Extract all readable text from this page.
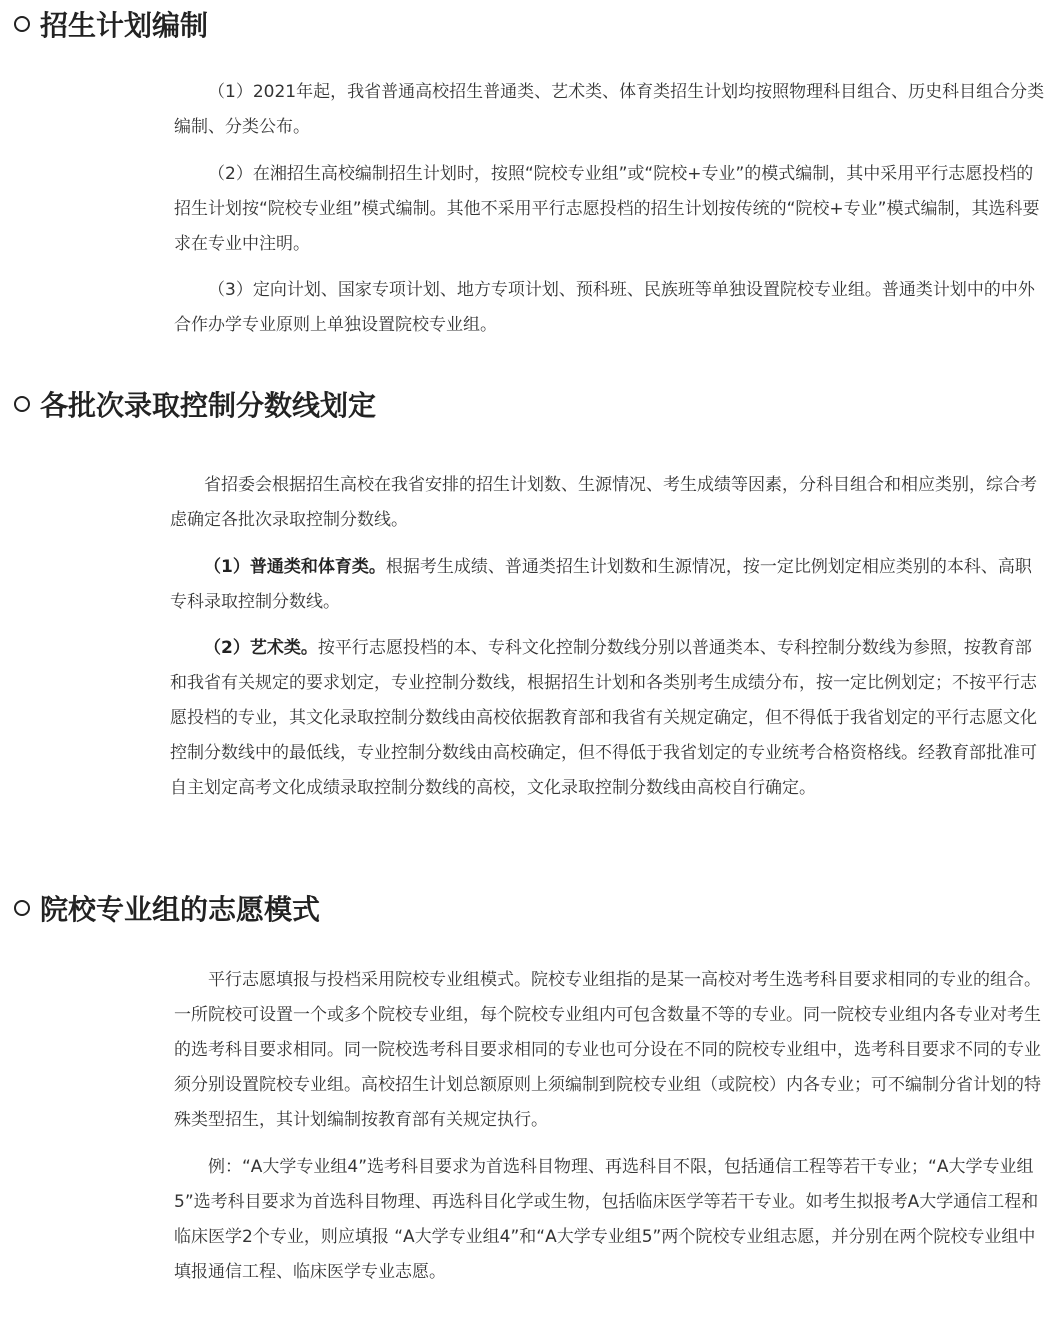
招生计划编制

（1）2021年起，我省普通高校招生普通类、艺术类、体育类招生计划均按照物理科目组合、历史科目组合分类编制、分类公布。

（2）在湘招生高校编制招生计划时，按照“院校专业组”或“院校+专业”的模式编制，其中采用平行志愿投档的招生计划按“院校专业组”模式编制。其他不采用平行志愿投档的招生计划按传统的“院校+专业”模式编制，其选科要求在专业中注明。

（3）定向计划、国家专项计划、地方专项计划、预科班、民族班等单独设置院校专业组。普通类计划中的中外合作办学专业原则上单独设置院校专业组。

各批次录取控制分数线划定

省招委会根据招生高校在我省安排的招生计划数、生源情况、考生成绩等因素，分科目组合和相应类别，综合考虑确定各批次录取控制分数线。

（1）普通类和体育类。根据考生成绩、普通类招生计划数和生源情况，按一定比例划定相应类别的本科、高职专科录取控制分数线。

（2）艺术类。按平行志愿投档的本、专科文化控制分数线分别以普通类本、专科控制分数线为参照，按教育部和我省有关规定的要求划定，专业控制分数线，根据招生计划和各类别考生成绩分布，按一定比例划定；不按平行志愿投档的专业，其文化录取控制分数线由高校依据教育部和我省有关规定确定，但不得低于我省划定的平行志愿文化控制分数线中的最低线，专业控制分数线由高校确定，但不得低于我省划定的专业统考合格资格线。经教育部批准可自主划定高考文化成绩录取控制分数线的高校，文化录取控制分数线由高校自行确定。

院校专业组的志愿模式

平行志愿填报与投档采用院校专业组模式。院校专业组指的是某一高校对考生选考科目要求相同的专业的组合。一所院校可设置一个或多个院校专业组，每个院校专业组内可包含数量不等的专业。同一院校专业组内各专业对考生的选考科目要求相同。同一院校选考科目要求相同的专业也可分设在不同的院校专业组中，选考科目要求不同的专业须分别设置院校专业组。高校招生计划总额原则上须编制到院校专业组（或院校）内各专业；可不编制分省计划的特殊类型招生，其计划编制按教育部有关规定执行。

例：“A大学专业组4”选考科目要求为首选科目物理、再选科目不限，包括通信工程等若干专业；“A大学专业组5”选考科目要求为首选科目物理、再选科目化学或生物，包括临床医学等若干专业。如考生拟报考A大学通信工程和临床医学2个专业，则应填报 “A大学专业组4”和“A大学专业组5”两个院校专业组志愿，并分别在两个院校专业组中填报通信工程、临床医学专业志愿。
